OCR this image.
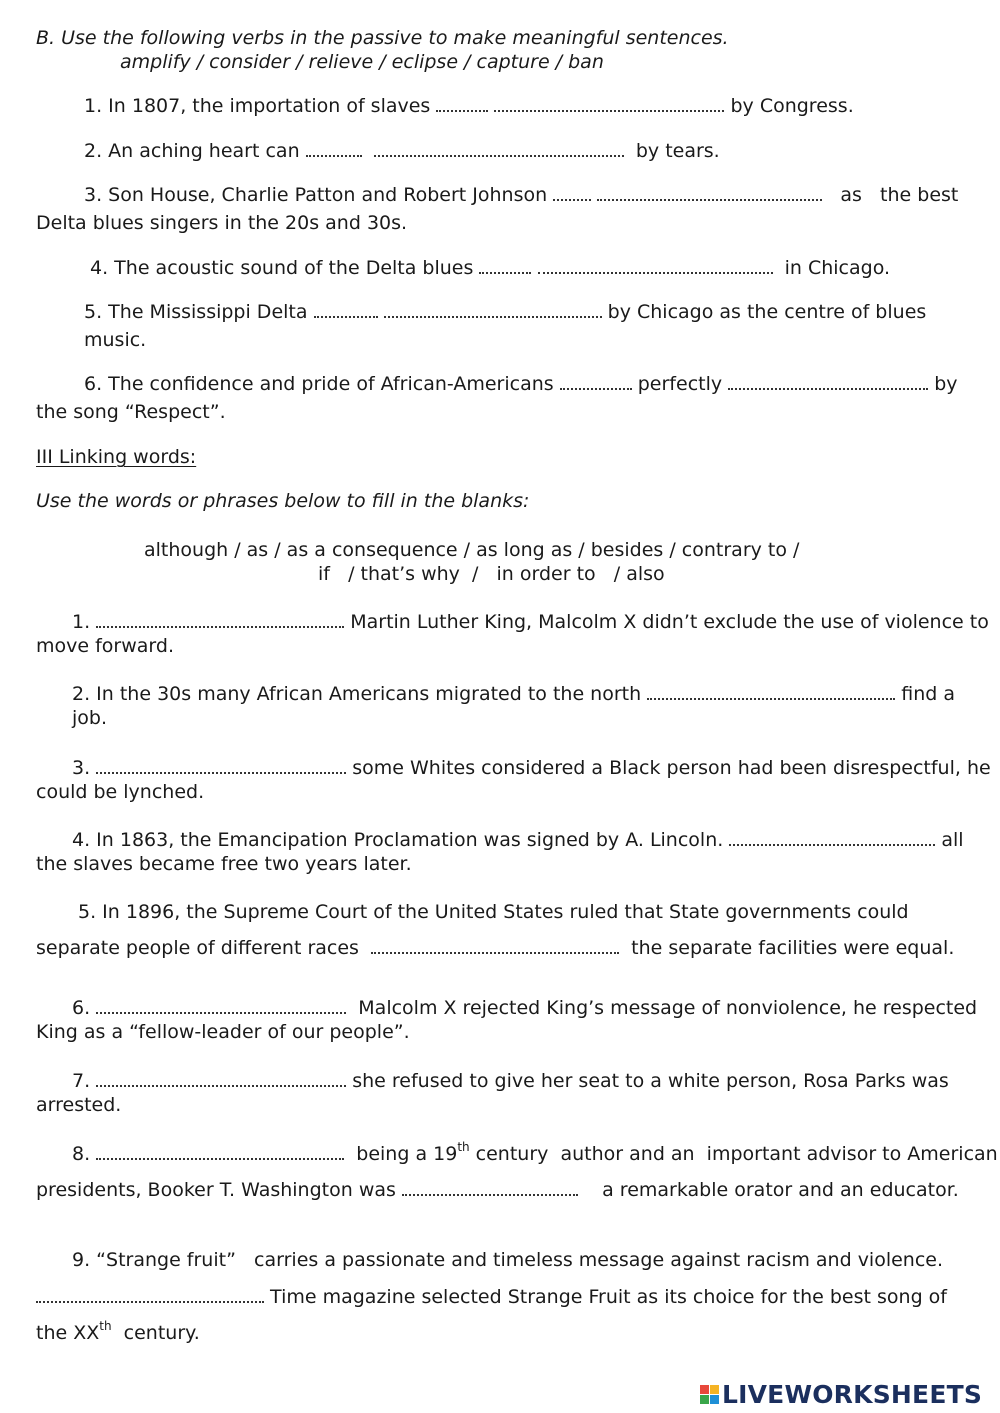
B. Use the following verbs in the passive to make meaningful sentences.
amplify / consider / relieve / eclipse / capture / ban
1. In 1807, the importation of slaves	by Congress.
2. An aching heart can	by tears.
3. Son House, Charlie Patton and Robert Johnson	as   the best
Delta blues singers in the 20s and 30s.
4. The acoustic sound of the Delta blues	in Chicago.
5. The Mississippi Delta	by Chicago as the centre of blues
music.
6. The confidence and pride of African-Americans	perfectly	by
the song “Respect”.
III Linking words:
Use the words or phrases below to fill in the blanks:
although / as / as a consequence / as long as / besides / contrary to /
if   / that’s why  /   in order to   / also
1.	Martin Luther King, Malcolm X didn’t exclude the use of violence to
move forward.
2. In the 30s many African Americans migrated to the north	find a
job.
3.	some Whites considered a Black person had been disrespectful, he
could be lynched.
4. In 1863, the Emancipation Proclamation was signed by A. Lincoln.	all
the slaves became free two years later.
5. In 1896, the Supreme Court of the United States ruled that State governments could
separate people of different races	the separate facilities were equal.
6.	Malcolm X rejected King’s message of nonviolence, he respected
King as a “fellow-leader of our people”.
7.	she refused to give her seat to a white person, Rosa Parks was
arrested.
8.	being a 19th century  author and an  important advisor to American
presidents, Booker T. Washington was	a remarkable orator and an educator.
9. “Strange fruit”   carries a passionate and timeless message against racism and violence.
Time magazine selected Strange Fruit as its choice for the best song of
the XXth century.
LIVEWORKSHEETS
